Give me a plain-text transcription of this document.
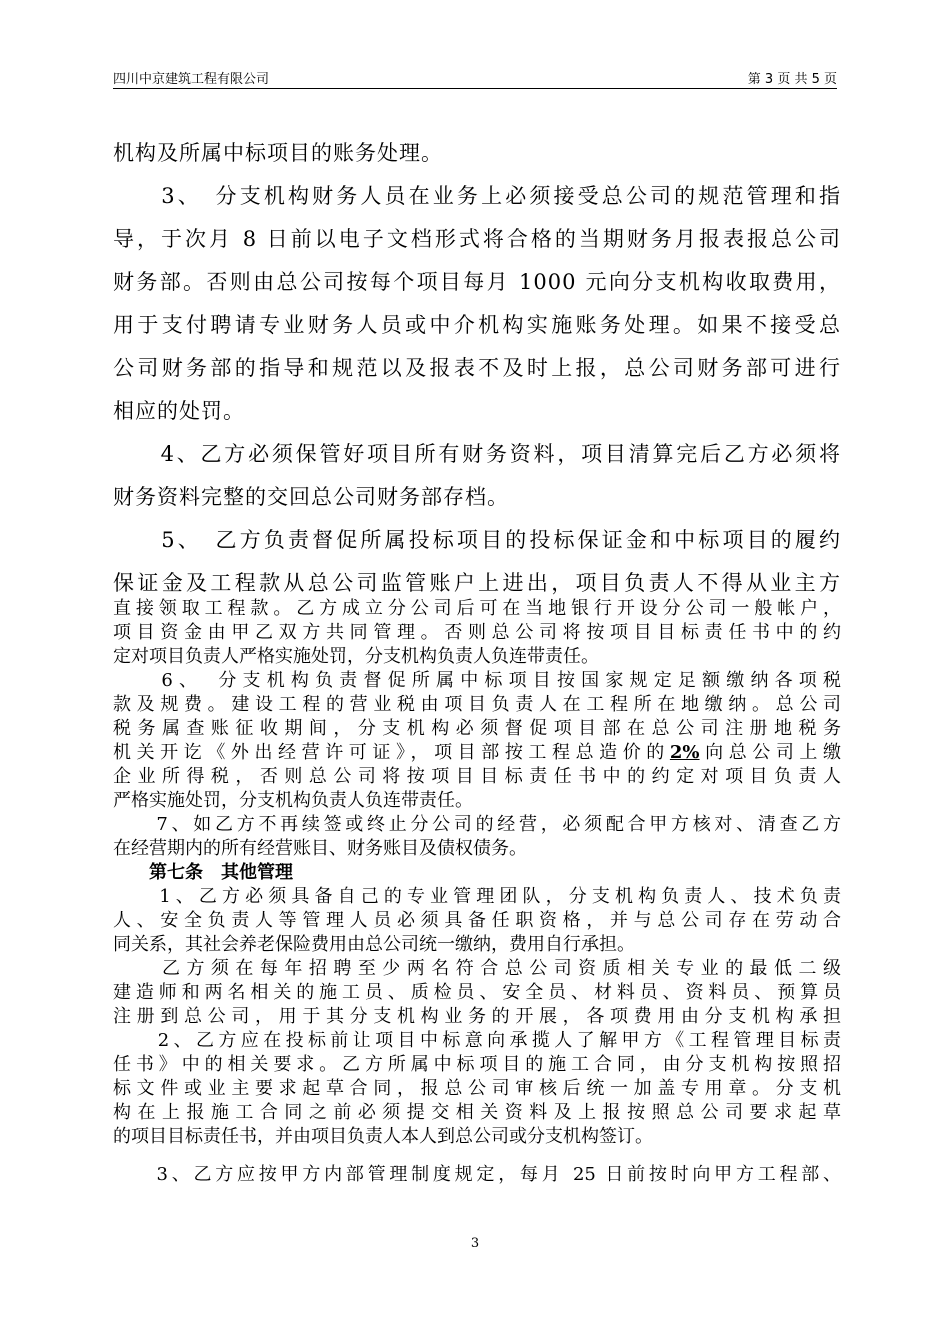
四川中京建筑工程有限公司	第 3 页 共 5 页

机构及所属中标项目的账务处理。

　　3、　分支机构财务人员在业务上必须接受总公司的规范管理和指

导，于次月 8 日前以电子文档形式将合格的当期财务月报表报总公司

财务部。否则由总公司按每个项目每月 1000 元向分支机构收取费用，

用于支付聘请专业财务人员或中介机构实施账务处理。如果不接受总

公司财务部的指导和规范以及报表不及时上报，总公司财务部可进行

相应的处罚。

　　4、乙方必须保管好项目所有财务资料，项目清算完后乙方必须将

财务资料完整的交回总公司财务部存档。

　　5、　乙方负责督促所属投标项目的投标保证金和中标项目的履约

保证金及工程款从总公司监管账户上进出，项目负责人不得从业主方

直接领取工程款。乙方成立分公司后可在当地银行开设分公司一般帐户，

项目资金由甲乙双方共同管理。否则总公司将按项目目标责任书中的约

定对项目负责人严格实施处罚，分支机构负责人负连带责任。

　　6、　分支机构负责督促所属中标项目按国家规定足额缴纳各项税

款及规费。建设工程的营业税由项目负责人在工程所在地缴纳。总公司

税务属查账征收期间，分支机构必须督促项目部在总公司注册地税务

机关开讫《外出经营许可证》，项目部按工程总造价的2%向总公司上缴

企业所得税，否则总公司将按项目目标责任书中的约定对项目负责人

严格实施处罚，分支机构负责人负连带责任。

　　7、如乙方不再续签或终止分公司的经营，必须配合甲方核对、清查乙方

在经营期内的所有经营账目、财务账目及债权债务。

　　第七条　其他管理

　　1、乙方必须具备自己的专业管理团队，分支机构负责人、技术负责

人、安全负责人等管理人员必须具备任职资格，并与总公司存在劳动合

同关系，其社会养老保险费用由总公司统一缴纳，费用自行承担。

　　乙方须在每年招聘至少两名符合总公司资质相关专业的最低二级

建造师和两名相关的施工员、质检员、安全员、材料员、资料员、预算员

注册到总公司，用于其分支机构业务的开展，各项费用由分支机构承担

　　2、乙方应在投标前让项目中标意向承揽人了解甲方《工程管理目标责

任书》中的相关要求。乙方所属中标项目的施工合同，由分支机构按照招

标文件或业主要求起草合同，报总公司审核后统一加盖专用章。分支机

构在上报施工合同之前必须提交相关资料及上报按照总公司要求起草

的项目目标责任书，并由项目负责人本人到总公司或分支机构签订。

　　3、乙方应按甲方内部管理制度规定，每月 25 日前按时向甲方工程部、

3
